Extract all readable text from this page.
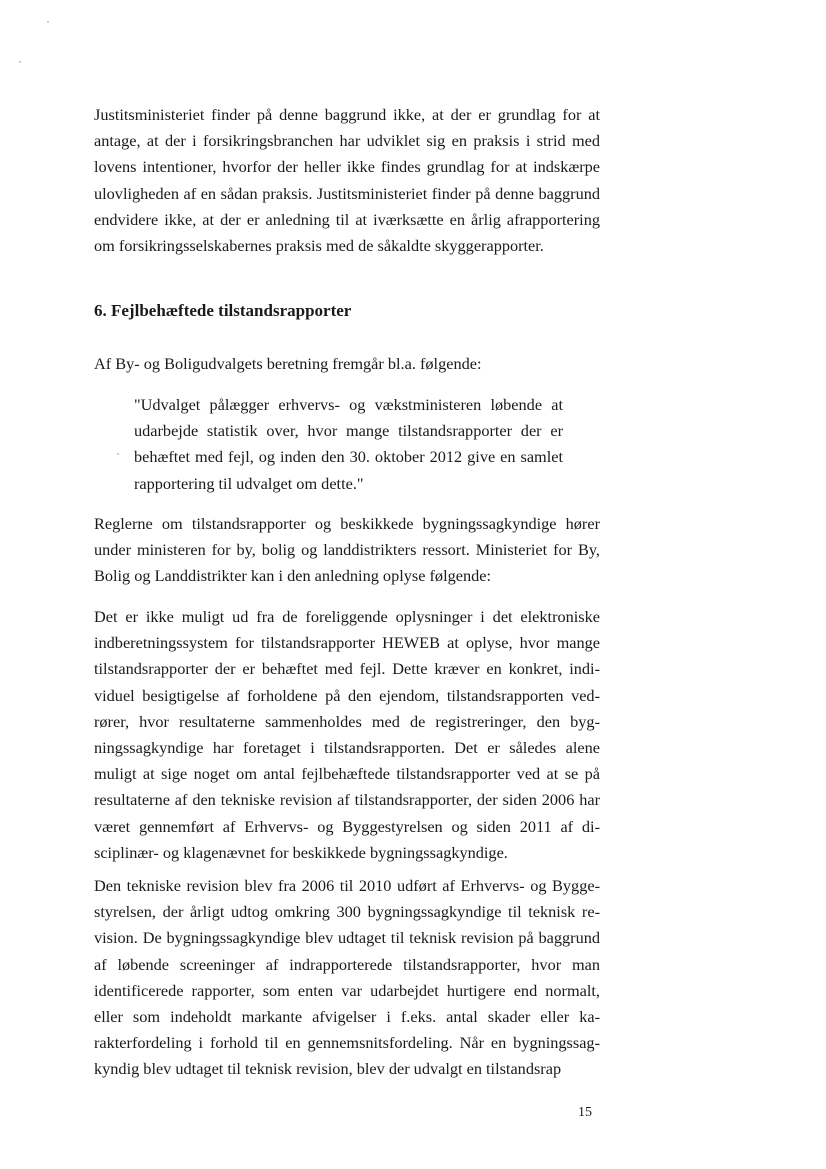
Justitsministeriet finder på denne baggrund ikke, at der er grundlag for at antage, at der i forsikringsbranchen har udviklet sig en praksis i strid med lovens intentioner, hvorfor der heller ikke findes grundlag for at indskærpe ulovligheden af en sådan praksis. Justitsministeriet finder på denne baggrund endvidere ikke, at der er anledning til at iværksætte en årlig afrapportering om forsikringsselskabernes praksis med de såkaldte skyggerapporter.

6. Fejlbehæftede tilstandsrapporter

Af By- og Boligudvalgets beretning fremgår bl.a. følgende:

"Udvalget pålægger erhvervs- og vækstministeren løbende at udarbejde statistik over, hvor mange tilstandsrapporter der er behæftet med fejl, og inden den 30. oktober 2012 give en samlet rapportering til udvalget om dette."

Reglerne om tilstandsrapporter og beskikkede bygningssagkyndige hører under ministeren for by, bolig og landdistrikters ressort. Ministeriet for By, Bolig og Landdistrikter kan i den anledning oplyse følgende:

Det er ikke muligt ud fra de foreliggende oplysninger i det elektroniske indberetningssystem for tilstandsrapporter HEWEB at oplyse, hvor mange tilstandsrapporter der er behæftet med fejl. Dette kræver en konkret, individuel besigtigelse af forholdene på den ejendom, tilstandsrapporten vedrører, hvor resultaterne sammenholdes med de registreringer, den bygningssagkyndige har foretaget i tilstandsrapporten. Det er således alene muligt at sige noget om antal fejlbehæftede tilstandsrapporter ved at se på resultaterne af den tekniske revision af tilstandsrapporter, der siden 2006 har været gennemført af Erhvervs- og Byggestyrelsen og siden 2011 af disciplinær- og klagenævnet for beskikkede bygningssagkyndige.

Den tekniske revision blev fra 2006 til 2010 udført af Erhvervs- og Byggestyrelsen, der årligt udtog omkring 300 bygningssagkyndige til teknisk revision. De bygningssagkyndige blev udtaget til teknisk revision på baggrund af løbende screeninger af indrapporterede tilstandsrapporter, hvor man identificerede rapporter, som enten var udarbejdet hurtigere end normalt, eller som indeholdt markante afvigelser i f.eks. antal skader eller karakterfordeling i forhold til en gennemsnitsfordeling. Når en bygningssagkyndig blev udtaget til teknisk revision, blev der udvalgt en tilstandsrap

15
